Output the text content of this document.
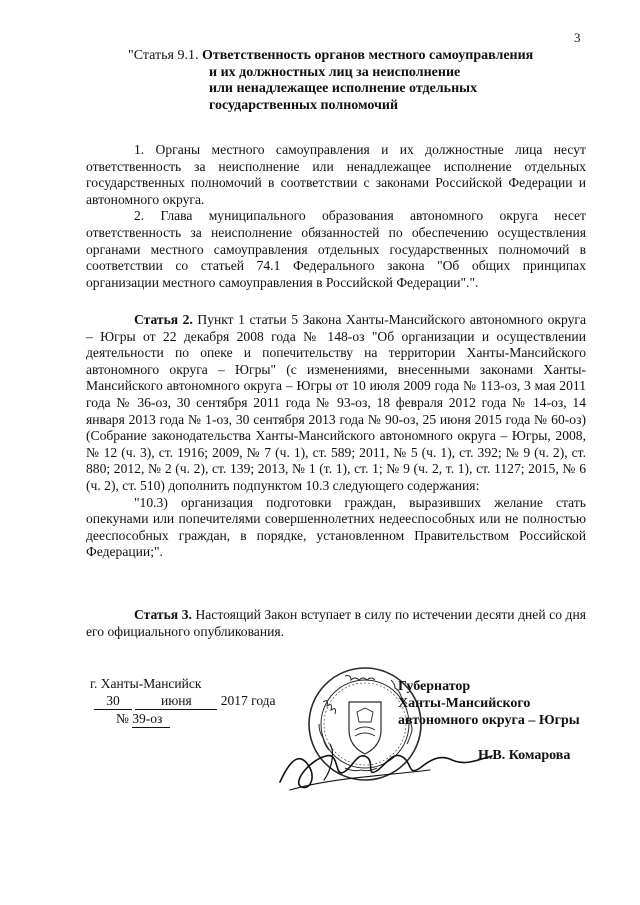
3
"Статья 9.1. Ответственность органов местного самоуправления
и их должностных лиц за неисполнение
или ненадлежащее исполнение отдельных
государственных полномочий

1. Органы местного самоуправления и их должностные лица несут ответственность за неисполнение или ненадлежащее исполнение отдельных государственных полномочий в соответствии с законами Российской Федерации и автономного округа.

2. Глава муниципального образования автономного округа несет ответственность за неисполнение обязанностей по обеспечению осуществления органами местного самоуправления отдельных государственных полномочий в соответствии со статьей 74.1 Федерального закона "Об общих принципах организации местного самоуправления в Российской Федерации".".

Статья 2. Пункт 1 статьи 5 Закона Ханты-Мансийского автономного округа – Югры от 22 декабря 2008 года № 148-оз "Об организации и осуществлении деятельности по опеке и попечительству на территории Ханты-Мансийского автономного округа – Югры" (с изменениями, внесенными законами Ханты-Мансийского автономного округа – Югры от 10 июля 2009 года № 113-оз, 3 мая 2011 года № 36-оз, 30 сентября 2011 года № 93-оз, 18 февраля 2012 года № 14-оз, 14 января 2013 года № 1-оз, 30 сентября 2013 года № 90-оз, 25 июня 2015 года № 60-оз) (Собрание законодательства Ханты-Мансийского автономного округа – Югры, 2008, № 12 (ч. 3), ст. 1916; 2009, № 7 (ч. 1), ст. 589; 2011, № 5 (ч. 1), ст. 392; № 9 (ч. 2), ст. 880; 2012, № 2 (ч. 2), ст. 139; 2013, № 1 (т. 1), ст. 1; № 9 (ч. 2, т. 1), ст. 1127; 2015, № 6 (ч. 2), ст. 510) дополнить подпунктом 10.3 следующего содержания:

"10.3) организация подготовки граждан, выразивших желание стать опекунами или попечителями совершеннолетних недееспособных или не полностью дееспособных граждан, в порядке, установленном Правительством Российской Федерации;".

Статья 3. Настоящий Закон вступает в силу по истечении десяти дней со дня его официального опубликования.

г. Ханты-Мансийск
30	июня 2017 года
№ 39-оз
Губернатор
Ханты-Мансийского
автономного округа – Югры
Н.В. Комарова
